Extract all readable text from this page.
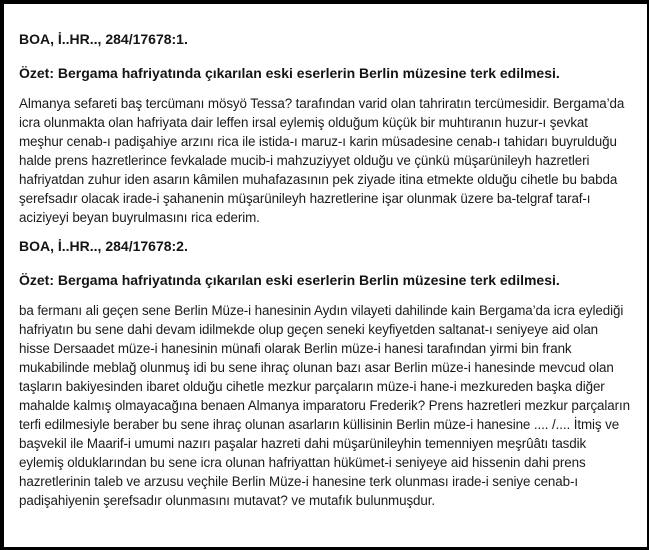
BOA, İ..HR.., 284/17678:1.

Özet: Bergama hafriyatında çıkarılan eski eserlerin Berlin müzesine terk edilmesi.

Almanya sefareti baş tercümanı mösyö Tessa? tarafından varid olan tahriratın tercümesidir. Bergama’da icra olunmakta olan hafriyata dair leffen irsal eylemiş olduğum küçük bir muhtıranın huzur-ı şevkat meşhur cenab-ı padişahiye arzını rica ile istida-ı maruz-ı karin müsadesine cenab-ı tahidarı buyrulduğu halde prens hazretlerince fevkalade mucib-i mahzuziyyet olduğu ve çünkü müşarünileyh hazretleri hafriyatdan zuhur iden asarın kâmilen muhafazasının pek ziyade itina etmekte olduğu cihetle bu babda şerefsadır olacak irade-i şahanenin müşarünileyh hazretlerine işar olunmak üzere ba-telgraf taraf-ı aciziyeyi beyan buyrulmasını rica ederim.

BOA, İ..HR.., 284/17678:2.

Özet: Bergama hafriyatında çıkarılan eski eserlerin Berlin müzesine terk edilmesi.

ba fermanı ali geçen sene Berlin Müze-i hanesinin Aydın vilayeti dahilinde kain Bergama’da icra eylediği hafriyatın bu sene dahi devam idilmekde olup geçen seneki keyfiyetden saltanat-ı seniyeye aid olan hisse Dersaadet müze-i hanesinin münafi olarak Berlin müze-i hanesi tarafından yirmi bin frank mukabilinde meblağ olunmuş idi bu sene ihraç olunan bazı asar Berlin müze-i hanesinde mevcud olan taşların bakiyesinden ibaret olduğu cihetle mezkur parçaların müze-i hane-i mezkureden başka diğer mahalde kalmış olmayacağına benaen Almanya imparatoru Frederik? Prens hazretleri mezkur parçaların terfi edilmesiyle beraber bu sene ihraç olunan asarların küllisinin Berlin müze-i hanesine .... /.... İtmiş ve başvekil ile Maarif-i umumi nazırı paşalar hazreti dahi müşarünileyhin temenniyen meşrûâtı tasdik eylemiş olduklarından bu sene icra olunan hafriyattan hükümet-i seniyeye aid hissenin dahi prens hazretlerinin taleb ve arzusu veçhile Berlin Müze-i hanesine terk olunması irade-i seniye cenab-ı padişahiyenin şerefsadır olunmasını mutavat? ve mutafık bulunmuşdur.
